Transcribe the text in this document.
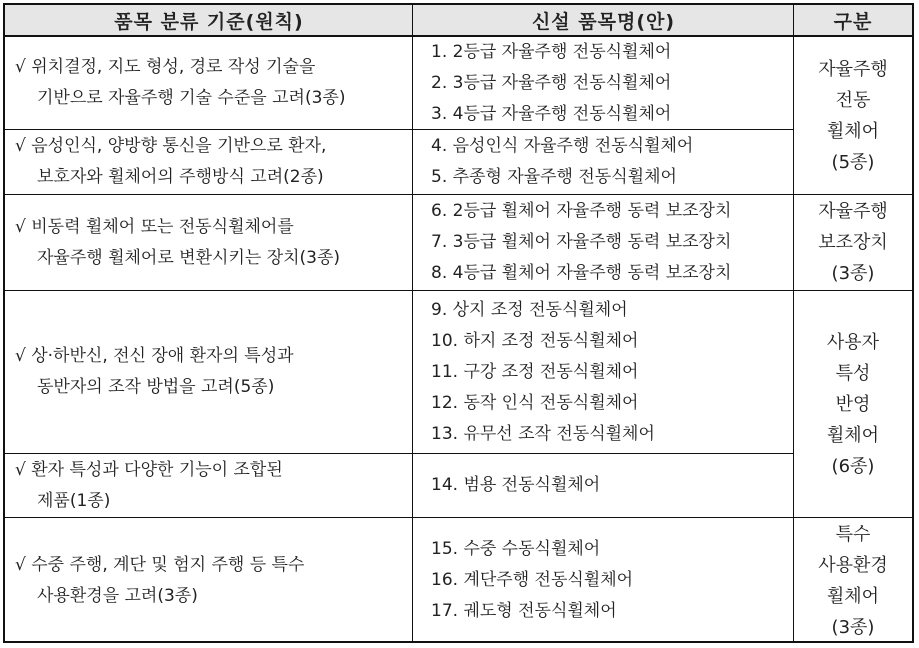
품목 분류 기준(원칙)	신설 품목명(안)	구분
√ 위치결정, 지도 형성, 경로 작성 기술을
기반으로 자율주행 기술 수준을 고려(3종)
√ 음성인식, 양방향 통신을 기반으로 환자,
보호자와 휠체어의 주행방식 고려(2종)
√ 비동력 휠체어 또는 전동식휠체어를
자율주행 휠체어로 변환시키는 장치(3종)
√ 상·하반신, 전신 장애 환자의 특성과
동반자의 조작 방법을 고려(5종)
√ 환자 특성과 다양한 기능이 조합된
제품(1종)
√ 수중 주행, 계단 및 험지 주행 등 특수
사용환경을 고려(3종)
1. 2등급 자율주행 전동식휠체어
2. 3등급 자율주행 전동식휠체어
3. 4등급 자율주행 전동식휠체어
4. 음성인식 자율주행 전동식휠체어
5. 추종형 자율주행 전동식휠체어
6. 2등급 휠체어 자율주행 동력 보조장치
7. 3등급 휠체어 자율주행 동력 보조장치
8. 4등급 휠체어 자율주행 동력 보조장치
9. 상지 조정 전동식휠체어
10. 하지 조정 전동식휠체어
11. 구강 조정 전동식휠체어
12. 동작 인식 전동식휠체어
13. 유무선 조작 전동식휠체어
14. 범용 전동식휠체어
15. 수중 수동식휠체어
16. 계단주행 전동식휠체어
17. 궤도형 전동식휠체어
자율주행
전동
휠체어
(5종)
자율주행
보조장치
(3종)
사용자
특성
반영
휠체어
(6종)
특수
사용환경
휠체어
(3종)
